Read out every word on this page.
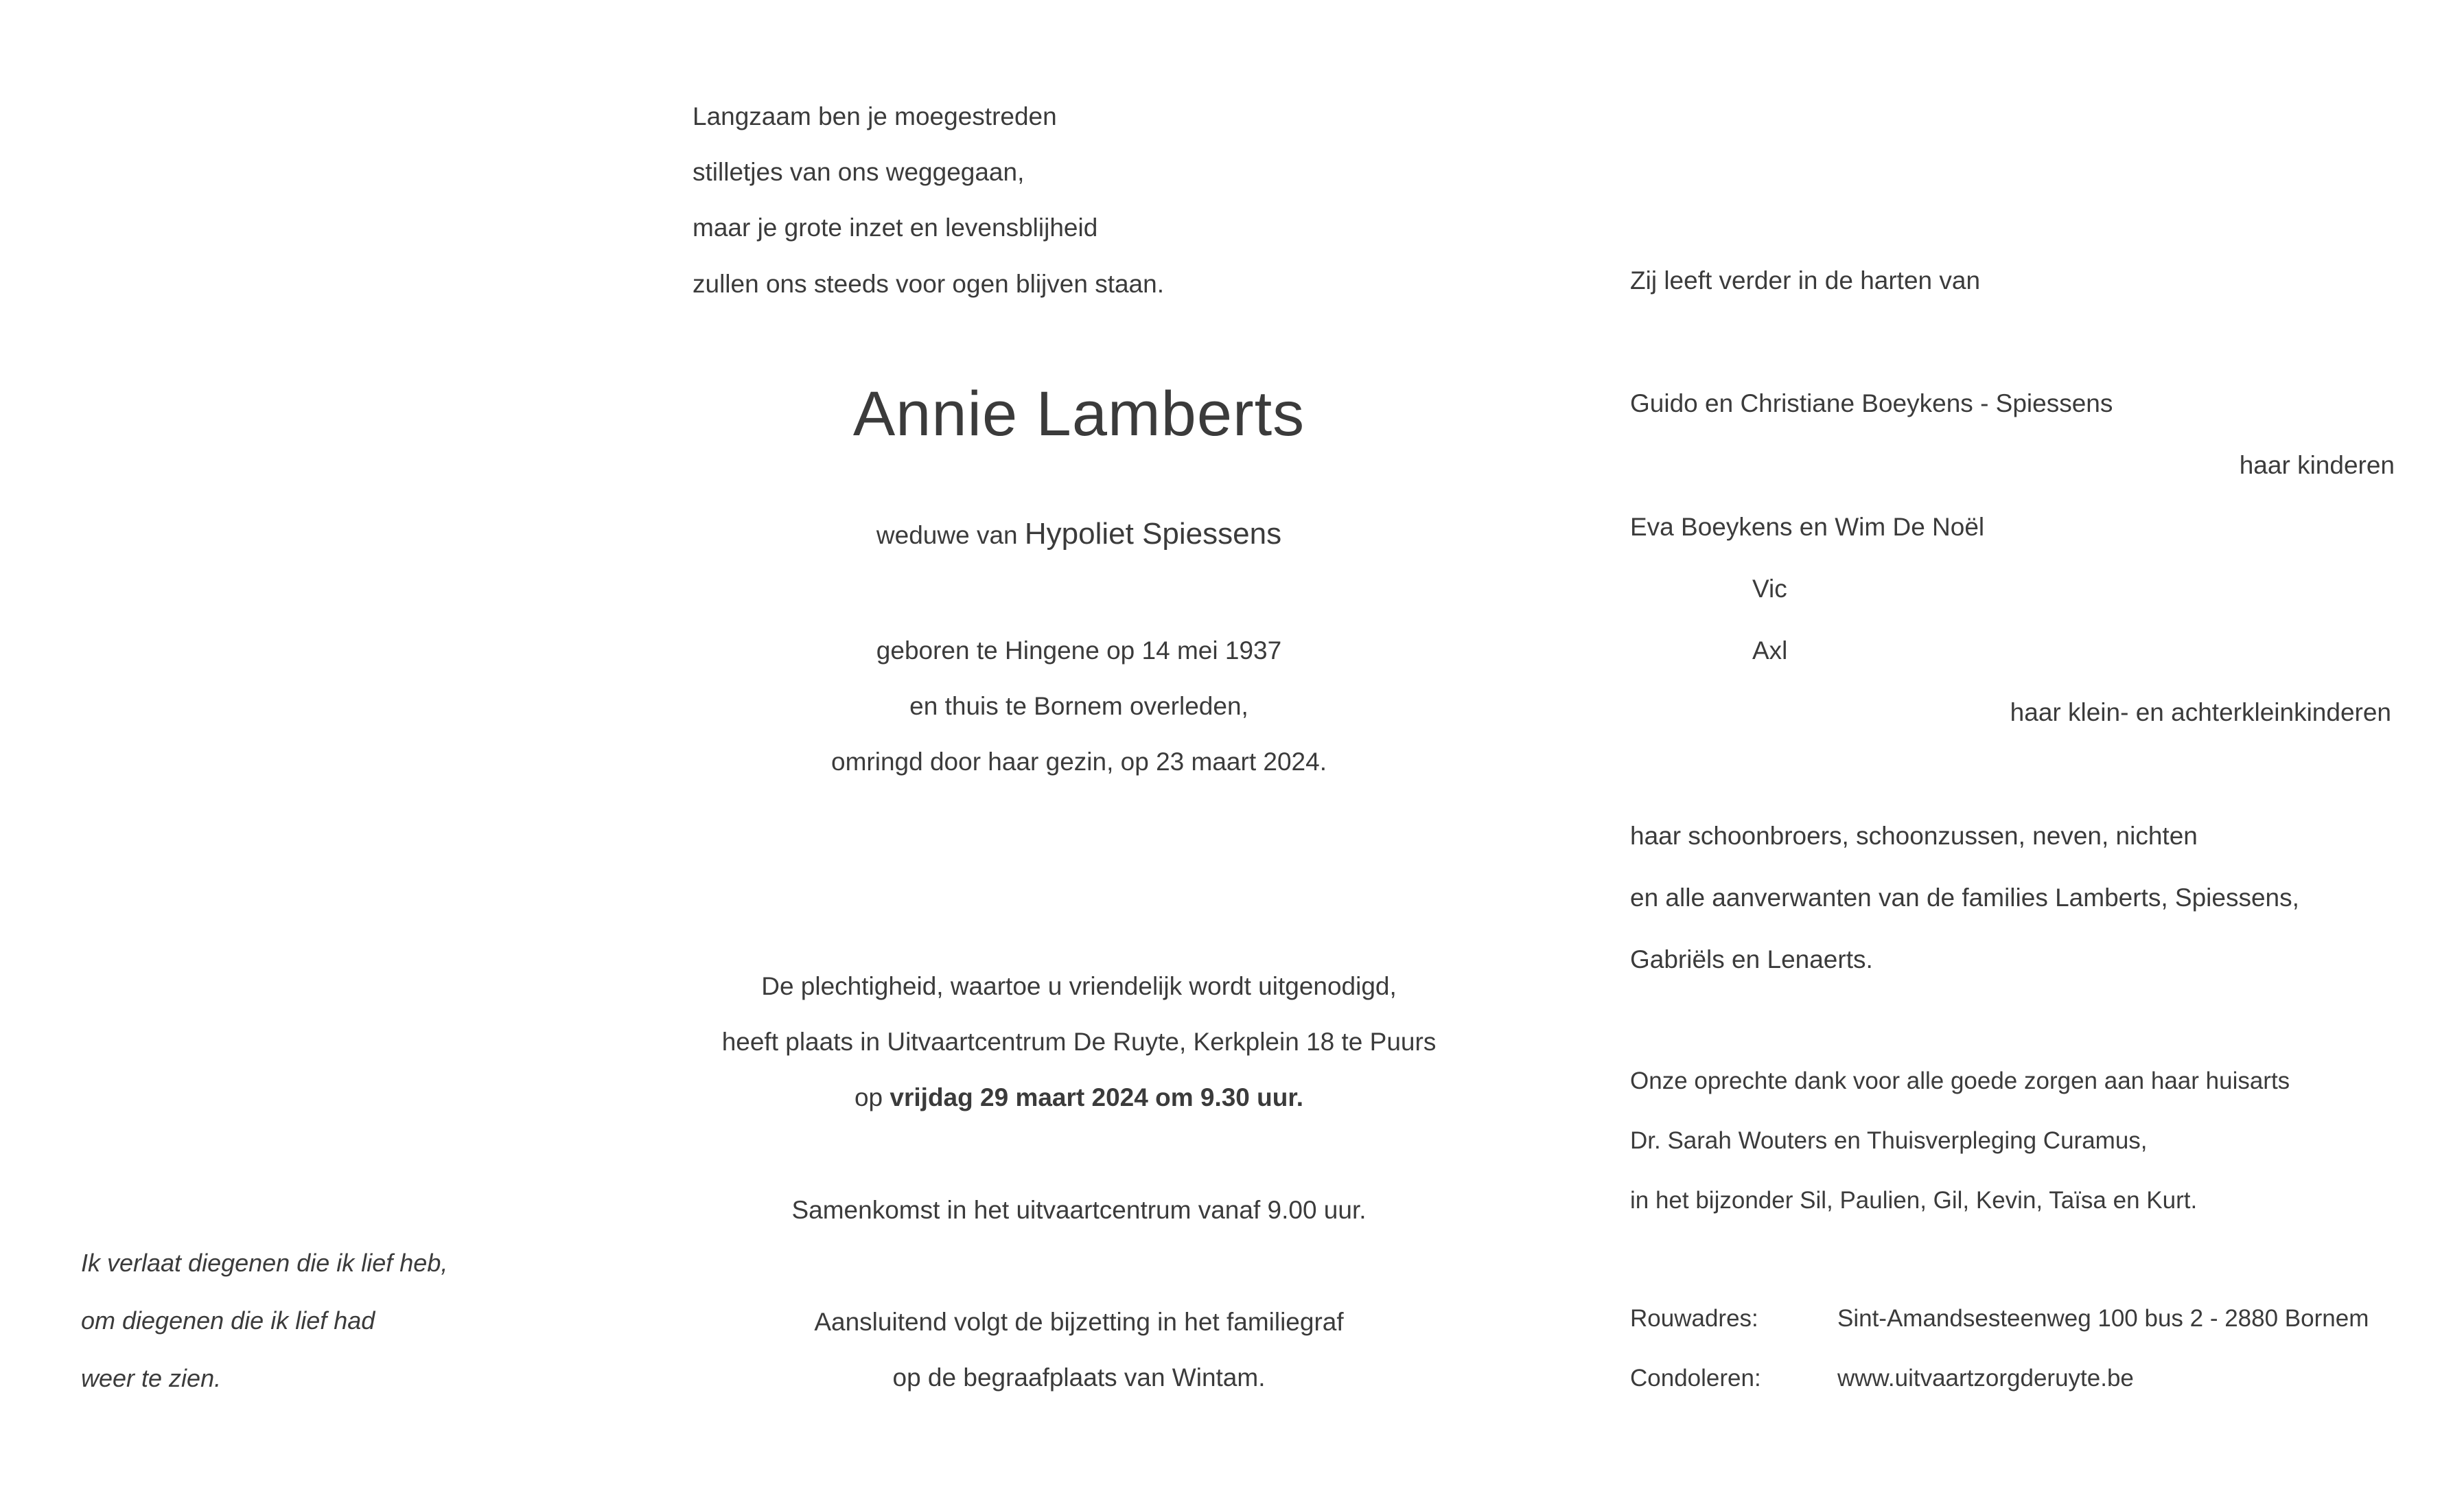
Langzaam ben je moegestreden
stilletjes van ons weggegaan,
maar je grote inzet en levensblijheid
zullen ons steeds voor ogen blijven staan.
Annie Lamberts
weduwe van Hypoliet Spiessens
geboren te Hingene op 14 mei 1937
en thuis te Bornem overleden,
omringd door haar gezin, op 23 maart 2024.
De plechtigheid, waartoe u vriendelijk wordt uitgenodigd,
heeft plaats in Uitvaartcentrum De Ruyte, Kerkplein 18 te Puurs
op vrijdag 29 maart 2024 om 9.30 uur.
Samenkomst in het uitvaartcentrum vanaf 9.00 uur.
Aansluitend volgt de bijzetting in het familiegraf
op de begraafplaats van Wintam.
Ik verlaat diegenen die ik lief heb,
om diegenen die ik lief had
weer te zien.
Zij leeft verder in de harten van
Guido en Christiane Boeykens - Spiessens
haar kinderen
Eva Boeykens en Wim De Noël
Vic
Axl
haar klein- en achterkleinkinderen
haar schoonbroers, schoonzussen, neven, nichten
en alle aanverwanten van de families Lamberts, Spiessens,
Gabriëls en Lenaerts.
Onze oprechte dank voor alle goede zorgen aan haar huisarts
Dr. Sarah Wouters en Thuisverpleging Curamus,
in het bijzonder Sil, Paulien, Gil, Kevin, Taïsa en Kurt.
Rouwadres:	Sint-Amandsesteenweg 100 bus 2 - 2880 Bornem
Condoleren:	www.uitvaartzorgderuyte.be
